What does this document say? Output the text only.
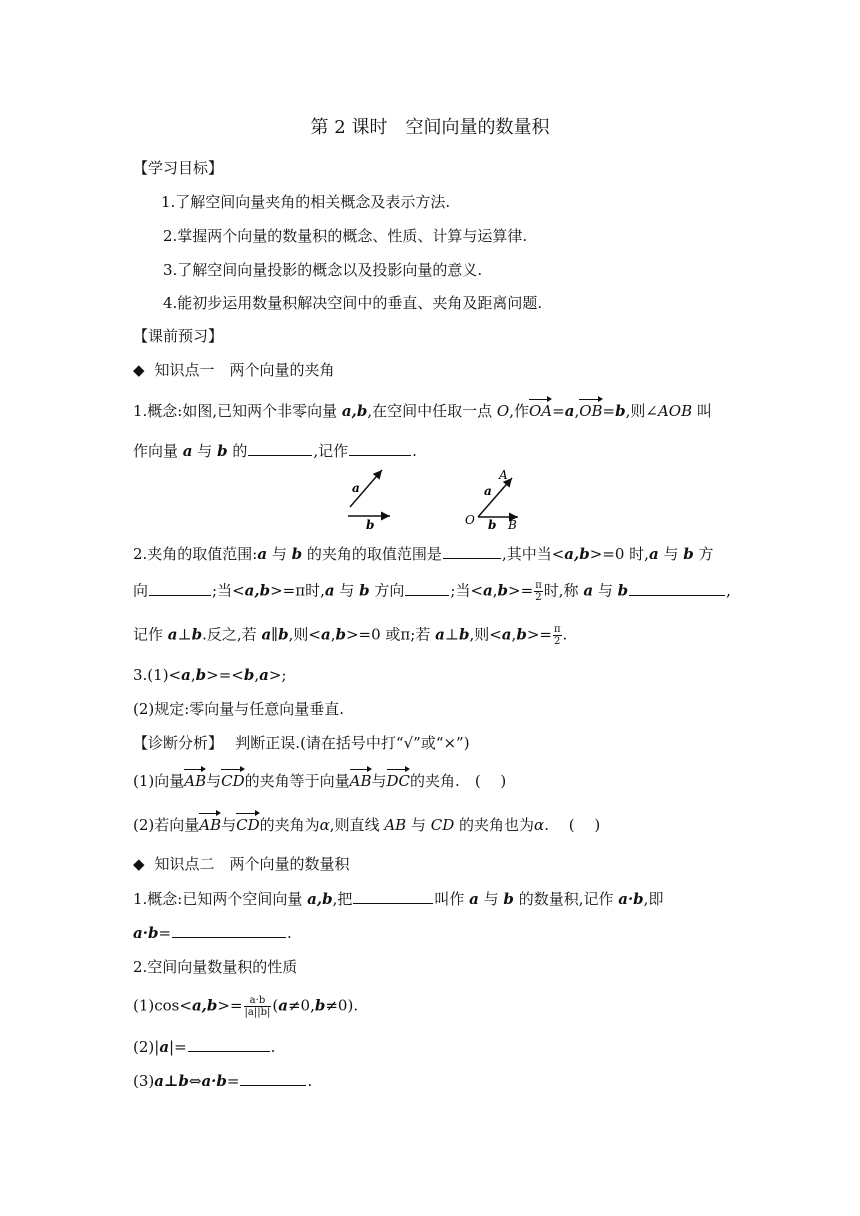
第 2 课时　空间向量的数量积
【学习目标】
1.了解空间向量夹角的相关概念及表示方法.
2.掌握两个向量的数量积的概念、性质、计算与运算律.
3.了解空间向量投影的概念以及投影向量的意义.
4.能初步运用数量积解决空间中的垂直、夹角及距离问题.
【课前预习】
◆ 知识点一　两个向量的夹角
1.概念:如图,已知两个非零向量 a,b,在空间中任取一点 O,作OA=a,OB=b,则∠AOB 叫
作向量 a 与 b 的	,记作	.
a
b
A
a
O b B
2.夹角的取值范围:a 与 b 的夹角的取值范围是	,其中当<a,b>=0 时,a 与 b 方
向	;当<a,b>=π时,a 与 b 方向	;当$<a,b>= \frac{\pi}{2}$ 时,称 a 与 b	,
记作 a⊥b.反之,若 a∥b,则<a,b>=0 或π;若 a⊥b,则$<a,b>= \frac{\pi}{2}$ .
3.(1)<a,b>=<b,a>;
(2)规定:零向量与任意向量垂直.
【诊断分析】　 判断正误.(请在括号中打“√”或“×”)
(1)向量AB与CD的夹角等于向量AB与DC的夹角.　(　 )
(2)若向量AB与CD的夹角为α,则直线 AB 与 CD 的夹角也为α.　 (　 )
◆ 知识点二　两个向量的数量积
1.概念:已知两个空间向量 a,b,把	叫作 a 与 b 的数量积,记作 a·b,即
a·b=	.
2.空间向量数量积的性质
$(1)\cos<a,b>= \frac{a\cdot b}{|a||b|} (a\ne 0,b\ne 0)$.
(2)|a|=	.
(3)a⊥b⇔a·b=	.
